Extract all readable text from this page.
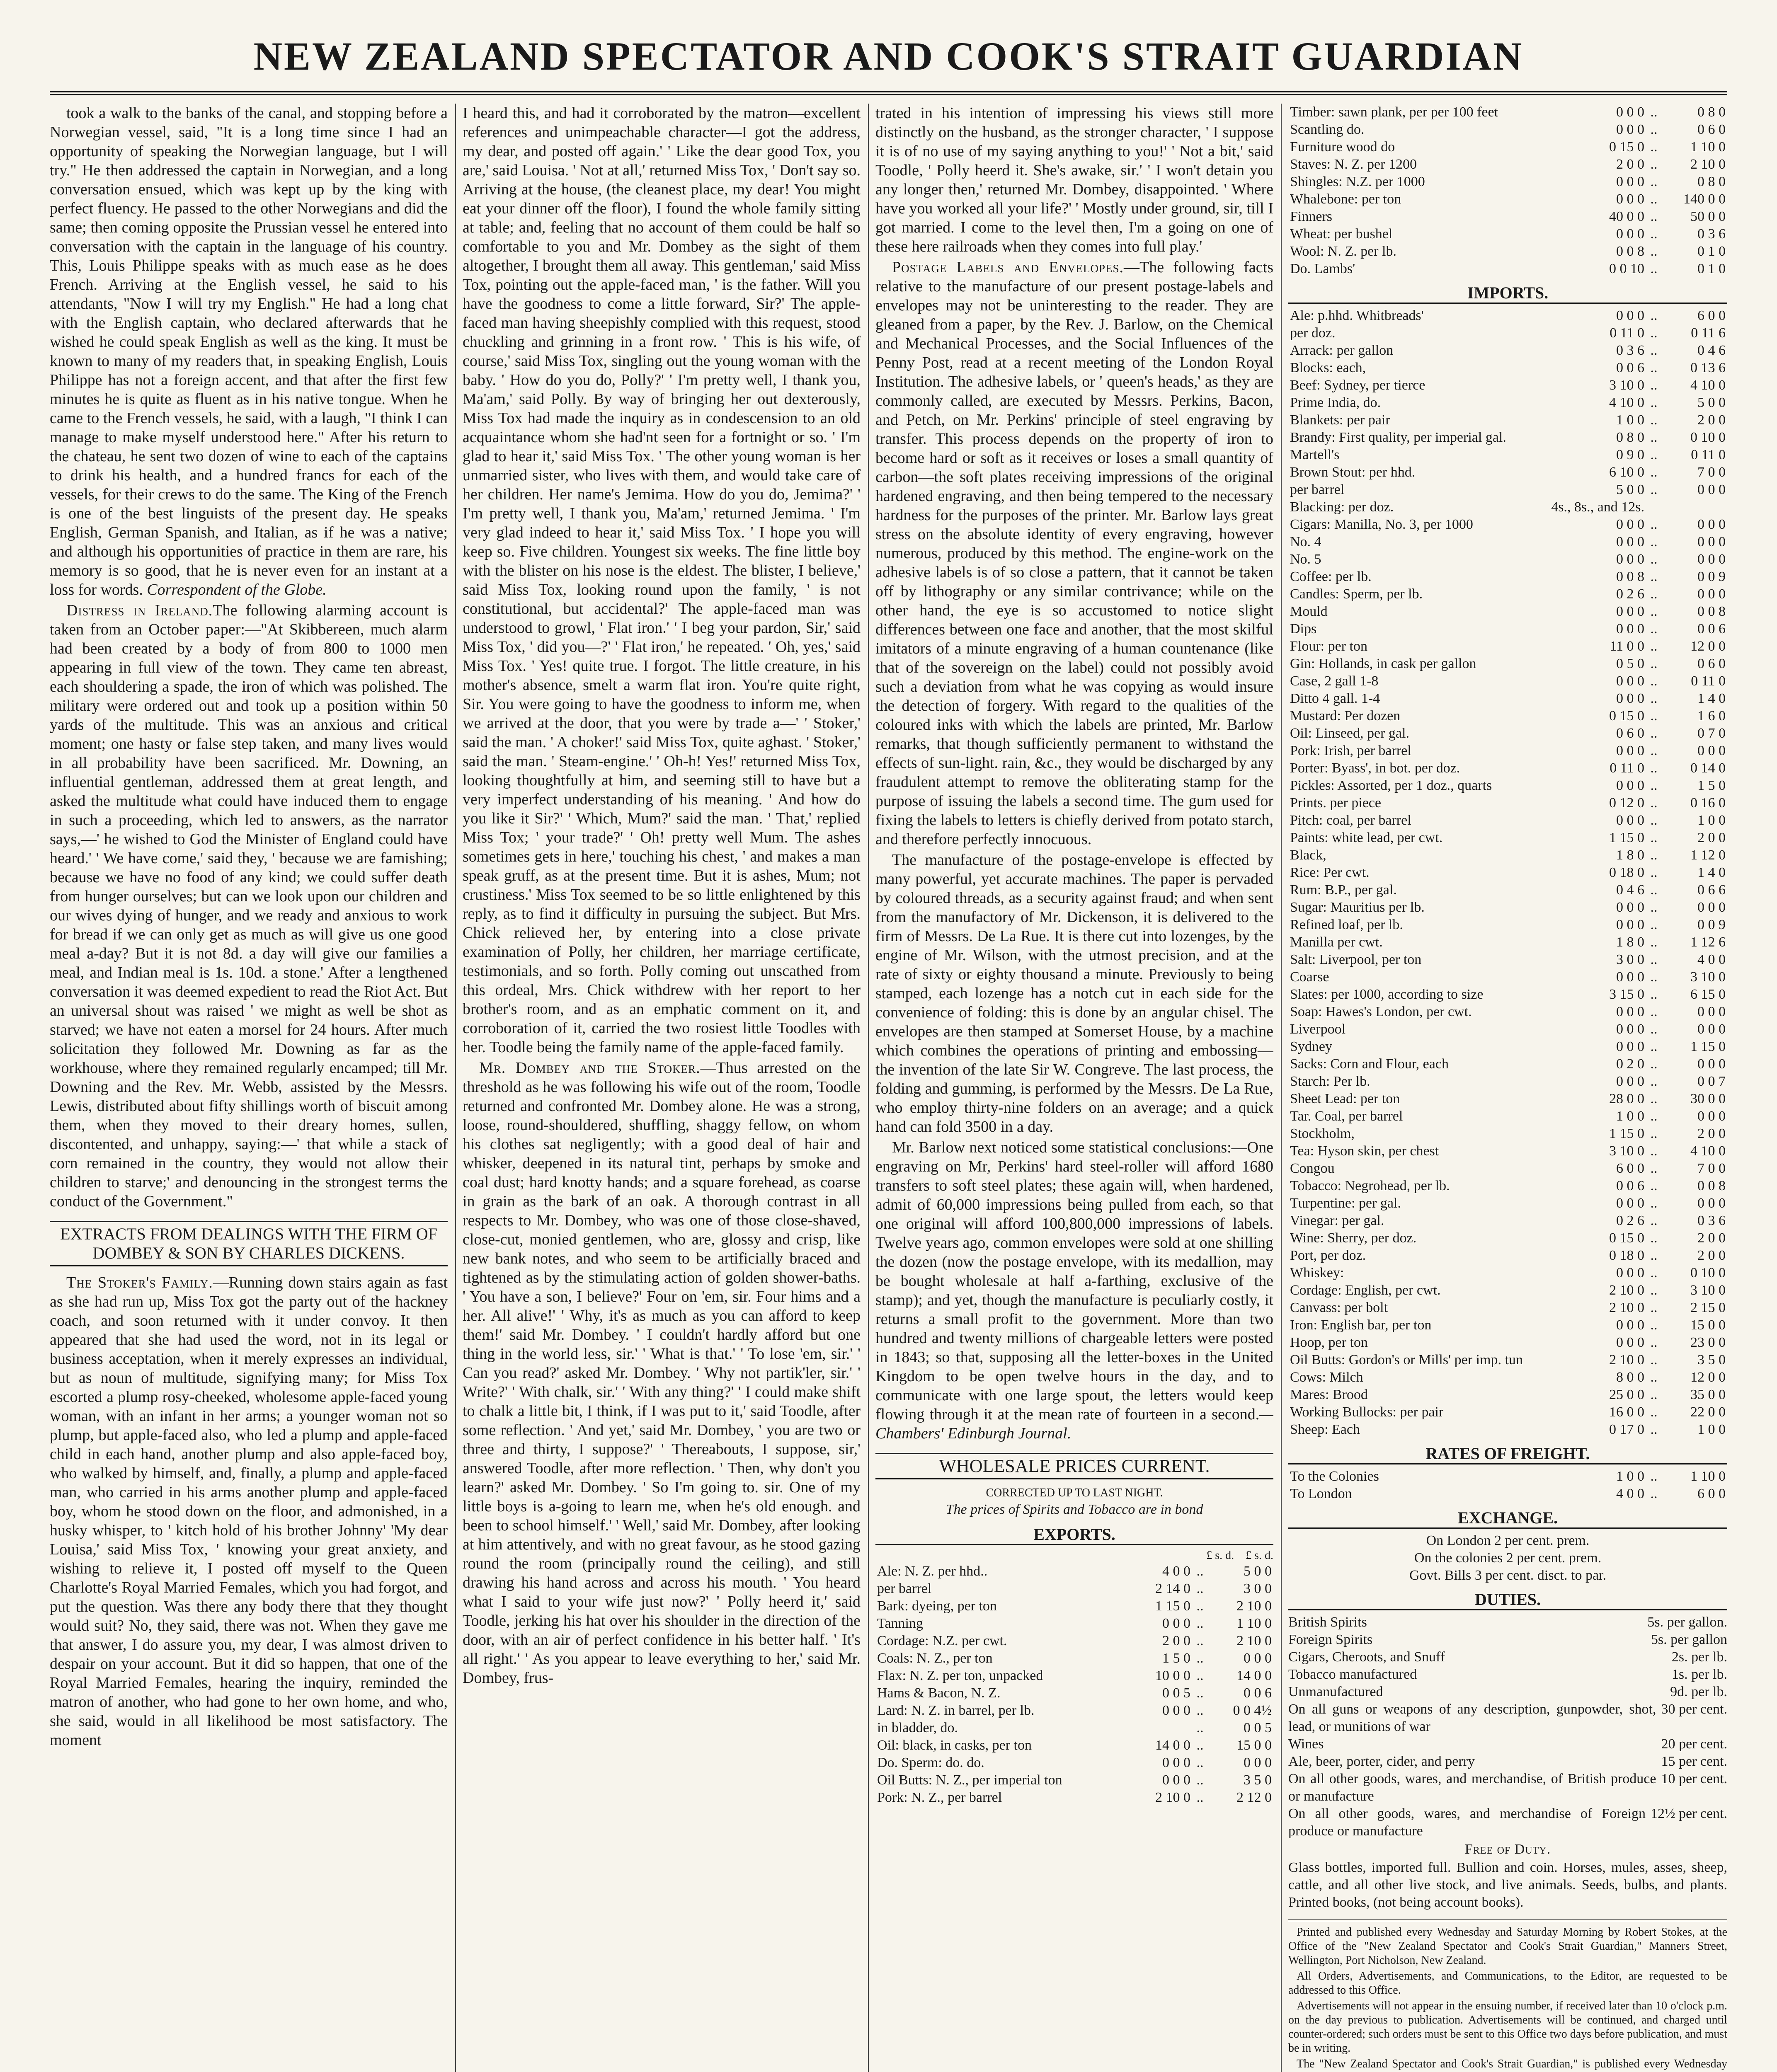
NEW ZEALAND SPECTATOR AND COOK'S STRAIT GUARDIAN

took a walk to the banks of the canal, and stopping before a Norwegian vessel, said, "It is a long time since I had an opportunity of speaking the Norwegian language, but I will try." He then addressed the captain in Norwegian, and a long conversation ensued, which was kept up by the king with perfect fluency. He passed to the other Norwegians and did the same; then coming opposite the Prussian vessel he entered into conversation with the captain in the language of his country. This, Louis Philippe speaks with as much ease as he does French. Arriving at the English vessel, he said to his attendants, "Now I will try my English." He had a long chat with the English captain, who declared afterwards that he wished he could speak English as well as the king. It must be known to many of my readers that, in speaking English, Louis Philippe has not a foreign accent, and that after the first few minutes he is quite as fluent as in his native tongue. When he came to the French vessels, he said, with a laugh, "I think I can manage to make myself understood here." After his return to the chateau, he sent two dozen of wine to each of the captains to drink his health, and a hundred francs for each of the vessels, for their crews to do the same. The King of the French is one of the best linguists of the present day. He speaks English, German Spanish, and Italian, as if he was a native; and although his opportunities of practice in them are rare, his memory is so good, that he is never even for an instant at a loss for words. Correspondent of the Globe.

Distress in Ireland.The following alarming account is taken from an October paper:—"At Skibbereen, much alarm had been created by a body of from 800 to 1000 men appearing in full view of the town. They came ten abreast, each shouldering a spade, the iron of which was polished. The military were ordered out and took up a position within 50 yards of the multitude. This was an anxious and critical moment; one hasty or false step taken, and many lives would in all probability have been sacrificed. Mr. Downing, an influential gentleman, addressed them at great length, and asked the multitude what could have induced them to engage in such a proceeding, which led to answers, as the narrator says,—' he wished to God the Minister of England could have heard.' ' We have come,' said they, ' because we are famishing; because we have no food of any kind; we could suffer death from hunger ourselves; but can we look upon our children and our wives dying of hunger, and we ready and anxious to work for bread if we can only get as much as will give us one good meal a-day? But it is not 8d. a day will give our families a meal, and Indian meal is 1s. 10d. a stone.' After a lengthened conversation it was deemed expedient to read the Riot Act. But an universal shout was raised ' we might as well be shot as starved; we have not eaten a morsel for 24 hours. After much solicitation they followed Mr. Downing as far as the workhouse, where they remained regularly encamped; till Mr. Downing and the Rev. Mr. Webb, assisted by the Messrs. Lewis, distributed about fifty shillings worth of biscuit among them, when they moved to their dreary homes, sullen, discontented, and unhappy, saying:—' that while a stack of corn remained in the country, they would not allow their children to starve;' and denouncing in the strongest terms the conduct of the Government."

EXTRACTS FROM DEALINGS WITH THE FIRM OF DOMBEY & SON BY CHARLES DICKENS.

The Stoker's Family.—Running down stairs again as fast as she had run up, Miss Tox got the party out of the hackney coach, and soon returned with it under convoy. It then appeared that she had used the word, not in its legal or business acceptation, when it merely expresses an individual, but as noun of multitude, signifying many; for Miss Tox escorted a plump rosy-cheeked, wholesome apple-faced young woman, with an infant in her arms; a younger woman not so plump, but apple-faced also, who led a plump and apple-faced child in each hand, another plump and also apple-faced boy, who walked by himself, and, finally, a plump and apple-faced man, who carried in his arms another plump and apple-faced boy, whom he stood down on the floor, and admonished, in a husky whisper, to ' kitch hold of his brother Johnny' 'My dear Louisa,' said Miss Tox, ' knowing your great anxiety, and wishing to relieve it, I posted off myself to the Queen Charlotte's Royal Married Females, which you had forgot, and put the question. Was there any body there that they thought would suit? No, they said, there was not. When they gave me that answer, I do assure you, my dear, I was almost driven to despair on your account. But it did so happen, that one of the Royal Married Females, hearing the inquiry, reminded the matron of another, who had gone to her own home, and who, she said, would in all likelihood be most satisfactory. The moment

I heard this, and had it corroborated by the matron—excellent references and unimpeachable character—I got the address, my dear, and posted off again.' ' Like the dear good Tox, you are,' said Louisa. ' Not at all,' returned Miss Tox, ' Don't say so. Arriving at the house, (the cleanest place, my dear! You might eat your dinner off the floor), I found the whole family sitting at table; and, feeling that no account of them could be half so comfortable to you and Mr. Dombey as the sight of them altogether, I brought them all away. This gentleman,' said Miss Tox, pointing out the apple-faced man, ' is the father. Will you have the goodness to come a little forward, Sir?' The apple-faced man having sheepishly complied with this request, stood chuckling and grinning in a front row. ' This is his wife, of course,' said Miss Tox, singling out the young woman with the baby. ' How do you do, Polly?' ' I'm pretty well, I thank you, Ma'am,' said Polly. By way of bringing her out dexterously, Miss Tox had made the inquiry as in condescension to an old acquaintance whom she had'nt seen for a fortnight or so. ' I'm glad to hear it,' said Miss Tox. ' The other young woman is her unmarried sister, who lives with them, and would take care of her children. Her name's Jemima. How do you do, Jemima?' ' I'm pretty well, I thank you, Ma'am,' returned Jemima. ' I'm very glad indeed to hear it,' said Miss Tox. ' I hope you will keep so. Five children. Youngest six weeks. The fine little boy with the blister on his nose is the eldest. The blister, I believe,' said Miss Tox, looking round upon the family, ' is not constitutional, but accidental?' The apple-faced man was understood to growl, ' Flat iron.' ' I beg your pardon, Sir,' said Miss Tox, ' did you—?' ' Flat iron,' he repeated. ' Oh, yes,' said Miss Tox. ' Yes! quite true. I forgot. The little creature, in his mother's absence, smelt a warm flat iron. You're quite right, Sir. You were going to have the goodness to inform me, when we arrived at the door, that you were by trade a—' ' Stoker,' said the man. ' A choker!' said Miss Tox, quite aghast. ' Stoker,' said the man. ' Steam-engine.' ' Oh-h! Yes!' returned Miss Tox, looking thoughtfully at him, and seeming still to have but a very imperfect understanding of his meaning. ' And how do you like it Sir?' ' Which, Mum?' said the man. ' That,' replied Miss Tox; ' your trade?' ' Oh! pretty well Mum. The ashes sometimes gets in here,' touching his chest, ' and makes a man speak gruff, as at the present time. But it is ashes, Mum; not crustiness.' Miss Tox seemed to be so little enlightened by this reply, as to find it difficulty in pursuing the subject. But Mrs. Chick relieved her, by entering into a close private examination of Polly, her children, her marriage certificate, testimonials, and so forth. Polly coming out unscathed from this ordeal, Mrs. Chick withdrew with her report to her brother's room, and as an emphatic comment on it, and corroboration of it, carried the two rosiest little Toodles with her. Toodle being the family name of the apple-faced family.

Mr. Dombey and the Stoker.—Thus arrested on the threshold as he was following his wife out of the room, Toodle returned and confronted Mr. Dombey alone. He was a strong, loose, round-shouldered, shuffling, shaggy fellow, on whom his clothes sat negligently; with a good deal of hair and whisker, deepened in its natural tint, perhaps by smoke and coal dust; hard knotty hands; and a square forehead, as coarse in grain as the bark of an oak. A thorough contrast in all respects to Mr. Dombey, who was one of those close-shaved, close-cut, monied gentlemen, who are, glossy and crisp, like new bank notes, and who seem to be artificially braced and tightened as by the stimulating action of golden shower-baths. ' You have a son, I believe?' Four on 'em, sir. Four hims and a her. All alive!' ' Why, it's as much as you can afford to keep them!' said Mr. Dombey. ' I couldn't hardly afford but one thing in the world less, sir.' ' What is that.' ' To lose 'em, sir.' ' Can you read?' asked Mr. Dombey. ' Why not partik'ler, sir.' ' Write?' ' With chalk, sir.' ' With any thing?' ' I could make shift to chalk a little bit, I think, if I was put to it,' said Toodle, after some reflection. ' And yet,' said Mr. Dombey, ' you are two or three and thirty, I suppose?' ' Thereabouts, I suppose, sir,' answered Toodle, after more reflection. ' Then, why don't you learn?' asked Mr. Dombey. ' So I'm going to. sir. One of my little boys is a-going to learn me, when he's old enough. and been to school himself.' ' Well,' said Mr. Dombey, after looking at him attentively, and with no great favour, as he stood gazing round the room (principally round the ceiling), and still drawing his hand across and across his mouth. ' You heard what I said to your wife just now?' ' Polly heerd it,' said Toodle, jerking his hat over his shoulder in the direction of the door, with an air of perfect confidence in his better half. ' It's all right.' ' As you appear to leave everything to her,' said Mr. Dombey, frus-

trated in his intention of impressing his views still more distinctly on the husband, as the stronger character, ' I suppose it is of no use of my saying anything to you!' ' Not a bit,' said Toodle, ' Polly heerd it. She's awake, sir.' ' I won't detain you any longer then,' returned Mr. Dombey, disappointed. ' Where have you worked all your life?' ' Mostly under ground, sir, till I got married. I come to the level then, I'm a going on one of these here railroads when they comes into full play.'

Postage Labels and Envelopes.—The following facts relative to the manufacture of our present postage-labels and envelopes may not be uninteresting to the reader. They are gleaned from a paper, by the Rev. J. Barlow, on the Chemical and Mechanical Processes, and the Social Influences of the Penny Post, read at a recent meeting of the London Royal Institution. The adhesive labels, or ' queen's heads,' as they are commonly called, are executed by Messrs. Perkins, Bacon, and Petch, on Mr. Perkins' principle of steel engraving by transfer. This process depends on the property of iron to become hard or soft as it receives or loses a small quantity of carbon—the soft plates receiving impressions of the original hardened engraving, and then being tempered to the necessary hardness for the purposes of the printer. Mr. Barlow lays great stress on the absolute identity of every engraving, however numerous, produced by this method. The engine-work on the adhesive labels is of so close a pattern, that it cannot be taken off by lithography or any similar contrivance; while on the other hand, the eye is so accustomed to notice slight differences between one face and another, that the most skilful imitators of a minute engraving of a human countenance (like that of the sovereign on the label) could not possibly avoid such a deviation from what he was copying as would insure the detection of forgery. With regard to the qualities of the coloured inks with which the labels are printed, Mr. Barlow remarks, that though sufficiently permanent to withstand the effects of sun-light. rain, &c., they would be discharged by any fraudulent attempt to remove the obliterating stamp for the purpose of issuing the labels a second time. The gum used for fixing the labels to letters is chiefly derived from potato starch, and therefore perfectly innocuous.

The manufacture of the postage-envelope is effected by many powerful, yet accurate machines. The paper is pervaded by coloured threads, as a security against fraud; and when sent from the manufactory of Mr. Dickenson, it is delivered to the firm of Messrs. De La Rue. It is there cut into lozenges, by the engine of Mr. Wilson, with the utmost precision, and at the rate of sixty or eighty thousand a minute. Previously to being stamped, each lozenge has a notch cut in each side for the convenience of folding: this is done by an angular chisel. The envelopes are then stamped at Somerset House, by a machine which combines the operations of printing and embossing—the invention of the late Sir W. Congreve. The last process, the folding and gumming, is performed by the Messrs. De La Rue, who employ thirty-nine folders on an average; and a quick hand can fold 3500 in a day.

Mr. Barlow next noticed some statistical conclusions:—One engraving on Mr, Perkins' hard steel-roller will afford 1680 transfers to soft steel plates; these again will, when hardened, admit of 60,000 impressions being pulled from each, so that one original will afford 100,800,000 impressions of labels. Twelve years ago, common envelopes were sold at one shilling the dozen (now the postage envelope, with its medallion, may be bought wholesale at half a-farthing, exclusive of the stamp); and yet, though the manufacture is peculiarly costly, it returns a small profit to the government. More than two hundred and twenty millions of chargeable letters were posted in 1843; so that, supposing all the letter-boxes in the United Kingdom to be open twelve hours in the day, and to communicate with one large spout, the letters would keep flowing through it at the mean rate of fourteen in a second.—Chambers' Edinburgh Journal.

WHOLESALE PRICES CURRENT.
CORRECTED UP TO LAST NIGHT.
The prices of Spirits and Tobacco are in bond
EXPORTS.
£ s. d.    £ s. d.
Ale: N. Z. per hhd..	4 0 0	..	5 0 0
per barrel	2 14 0	..	3 0 0
Bark: dyeing, per ton	1 15 0	..	2 10 0
Tanning	0 0 0	..	1 10 0
Cordage: N.Z. per cwt.	2 0 0	..	2 10 0
Coals: N. Z., per ton	1 5 0	..	0 0 0
Flax: N. Z. per ton, unpacked	10 0 0	..	14 0 0
Hams & Bacon, N. Z.	0 0 5	..	0 0 6
Lard: N. Z. in barrel, per lb.	0 0 0	..	0 0 4½
in bladder, do.		..	0 0 5
Oil: black, in casks, per ton	14 0 0	..	15 0 0
Do. Sperm: do. do.	0 0 0	..	0 0 0
Oil Butts: N. Z., per imperial ton	0 0 0	..	3 5 0
Pork: N. Z., per barrel	2 10 0	..	2 12 0
Timber: sawn plank, per per 100 feet	0 0 0	..	0 8 0
Scantling do.	0 0 0	..	0 6 0
Furniture wood do	0 15 0	..	1 10 0
Staves: N. Z. per 1200	2 0 0	..	2 10 0
Shingles: N.Z. per 1000	0 0 0	..	0 8 0
Whalebone: per ton	0 0 0	..	140 0 0
Finners	40 0 0	..	50 0 0
Wheat: per bushel	0 0 0	..	0 3 6
Wool: N. Z. per lb.	0 0 8	..	0 1 0
Do. Lambs'	0 0 10	..	0 1 0
IMPORTS.
Ale: p.hhd. Whitbreads'	0 0 0	..	6 0 0
per doz.	0 11 0	..	0 11 6
Arrack: per gallon	0 3 6	..	0 4 6
Blocks: each,	0 0 6	..	0 13 6
Beef: Sydney, per tierce	3 10 0	..	4 10 0
Prime India, do.	4 10 0	..	5 0 0
Blankets: per pair	1 0 0	..	2 0 0
Brandy: First quality, per imperial gal.	0 8 0	..	0 10 0
Martell's	0 9 0	..	0 11 0
Brown Stout: per hhd.	6 10 0	..	7 0 0
per barrel	5 0 0	..	0 0 0
Blacking: per doz.	4s., 8s., and 12s.		
Cigars: Manilla, No. 3, per 1000	0 0 0	..	0 0 0
No. 4	0 0 0	..	0 0 0
No. 5	0 0 0	..	0 0 0
Coffee: per lb.	0 0 8	..	0 0 9
Candles: Sperm, per lb.	0 2 6	..	0 0 0
Mould	0 0 0	..	0 0 8
Dips	0 0 0	..	0 0 6
Flour: per ton	11 0 0	..	12 0 0
Gin: Hollands, in cask per gallon	0 5 0	..	0 6 0
Case, 2 gall 1-8	0 0 0	..	0 11 0
Ditto 4 gall. 1-4	0 0 0	..	1 4 0
Mustard: Per dozen	0 15 0	..	1 6 0
Oil: Linseed, per gal.	0 6 0	..	0 7 0
Pork: Irish, per barrel	0 0 0	..	0 0 0
Porter: Byass', in bot. per doz.	0 11 0	..	0 14 0
Pickles: Assorted, per 1 doz., quarts	0 0 0	..	1 5 0
Prints. per piece	0 12 0	..	0 16 0
Pitch: coal, per barrel	0 0 0	..	1 0 0
Paints: white lead, per cwt.	1 15 0	..	2 0 0
Black,	1 8 0	..	1 12 0
Rice: Per cwt.	0 18 0	..	1 4 0
Rum: B.P., per gal.	0 4 6	..	0 6 6
Sugar: Mauritius per lb.	0 0 0	..	0 0 0
Refined loaf, per lb.	0 0 0	..	0 0 9
Manilla per cwt.	1 8 0	..	1 12 6
Salt: Liverpool, per ton	3 0 0	..	4 0 0
Coarse	0 0 0	..	3 10 0
Slates: per 1000, according to size	3 15 0	..	6 15 0
Soap: Hawes's London, per cwt.	0 0 0	..	0 0 0
Liverpool	0 0 0	..	0 0 0
Sydney	0 0 0	..	1 15 0
Sacks: Corn and Flour, each	0 2 0	..	0 0 0
Starch: Per lb.	0 0 0	..	0 0 7
Sheet Lead: per ton	28 0 0	..	30 0 0
Tar. Coal, per barrel	1 0 0	..	0 0 0
Stockholm,	1 15 0	..	2 0 0
Tea: Hyson skin, per chest	3 10 0	..	4 10 0
Congou	6 0 0	..	7 0 0
Tobacco: Negrohead, per lb.	0 0 6	..	0 0 8
Turpentine: per gal.	0 0 0	..	0 0 0
Vinegar: per gal.	0 2 6	..	0 3 6
Wine: Sherry, per doz.	0 15 0	..	2 0 0
Port, per doz.	0 18 0	..	2 0 0
Whiskey:	0 0 0	..	0 10 0
Cordage: English, per cwt.	2 10 0	..	3 10 0
Canvass: per bolt	2 10 0	..	2 15 0
Iron: English bar, per ton	0 0 0	..	15 0 0
Hoop, per ton	0 0 0	..	23 0 0
Oil Butts: Gordon's or Mills' per imp. tun	2 10 0	..	3 5 0
Cows: Milch	8 0 0	..	12 0 0
Mares: Brood	25 0 0	..	35 0 0
Working Bullocks: per pair	16 0 0	..	22 0 0
Sheep: Each	0 17 0	..	1 0 0
RATES OF FREIGHT.
To the Colonies	1 0 0	..	1 10 0
To London	4 0 0	..	6 0 0
EXCHANGE.
On London 2 per cent. prem.
On the colonies 2 per cent. prem.
Govt. Bills 3 per cent. disct. to par.
DUTIES.
British Spirits	5s. per gallon.
Foreign Spirits	5s. per gallon
Cigars, Cheroots, and Snuff	2s. per lb.
Tobacco manufactured	1s. per lb.
Unmanufactured	9d. per lb.
On all guns or weapons of any description, gunpowder, shot, lead, or munitions of war
30 per cent.
Wines	20 per cent.
Ale, beer, porter, cider, and perry	15 per cent.
On all other goods, wares, and merchandise, of British produce or manufacture
10 per cent.
On all other goods, wares, and merchandise of Foreign produce or manufacture
12½ per cent.
Free of Duty.
Glass bottles, imported full. Bullion and coin. Horses, mules, asses, sheep, cattle, and all other live stock, and live animals. Seeds, bulbs, and plants. Printed books, (not being account books).

Printed and published every Wednesday and Saturday Morning by Robert Stokes, at the Office of the "New Zealand Spectator and Cook's Strait Guardian," Manners Street, Wellington, Port Nicholson, New Zealand.

All Orders, Advertisements, and Communications, to the Editor, are requested to be addressed to this Office.

Advertisements will not appear in the ensuing number, if received later than 10 o'clock p.m. on the day previous to publication. Advertisements will be continued, and charged until counter-ordered; such orders must be sent to this Office two days before publication, and must be in writing.

The "New Zealand Spectator and Cook's Strait Guardian," is published every Wednesday
